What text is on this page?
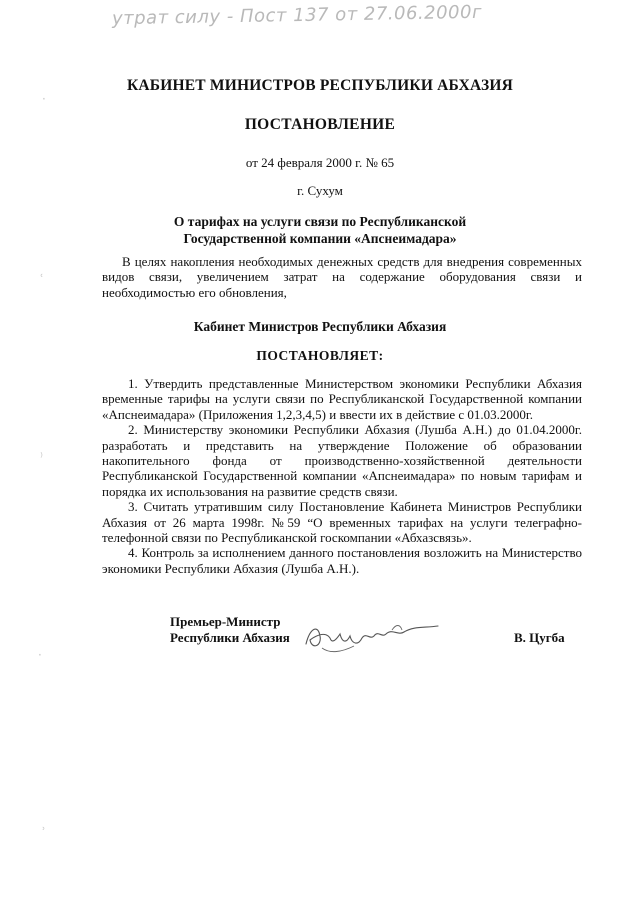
утрат силу - Пост 137 от 27.06.2000г
·
ʿ
⁾
·
ʾ
КАБИНЕТ МИНИСТРОВ РЕСПУБЛИКИ АБХАЗИЯ
ПОСТАНОВЛЕНИЕ
от 24 февраля 2000 г. № 65
г. Сухум
О тарифах на услуги связи по Республиканской
Государственной компании «Апснеимадара»

В целях накопления необходимых денежных средств для внедрения современных видов связи, увеличением затрат на содержание оборудования связи и необходимостью его обновления,

Кабинет Министров Республики Абхазия
ПОСТАНОВЛЯЕТ:

1. Утвердить представленные Министерством экономики Республики Абхазия временные тарифы на услуги связи по Республиканской Государственной компании «Апснеимадара» (Приложения 1,2,3,4,5) и ввести их в действие с 01.03.2000г.

2. Министерству экономики Республики Абхазия (Лушба А.Н.) до 01.04.2000г. разработать и представить на утверждение Положение об образовании накопительного фонда от производственно-хозяйственной деятельности Республиканской Государственной компании «Апснеимадара» по новым тарифам и порядка их использования на развитие средств связи.

3. Считать утратившим силу Постановление Кабинета Министров Республики Абхазия от 26 марта 1998г. №59 “О временных тарифах на услуги телеграфно-телефонной связи по Республиканской госкомпании «Абхазсвязь».

4. Контроль за исполнением данного постановления возложить на Министерство экономики Республики Абхазия (Лушба А.Н.).

Премьер-Министр
Республики Абхазия	В. Цугба
